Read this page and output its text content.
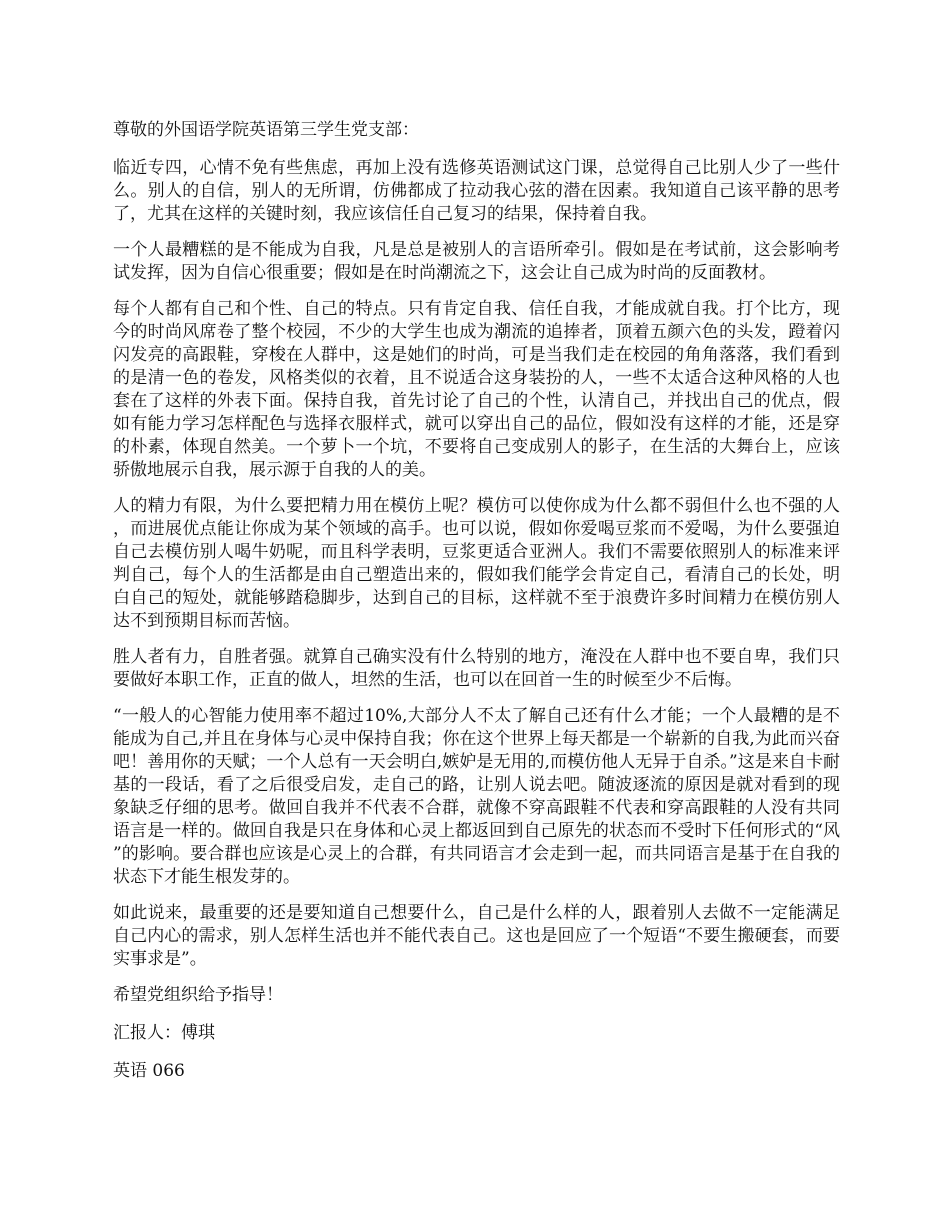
尊敬的外国语学院英语第三学生党支部：

临近专四，心情不免有些焦虑，再加上没有选修英语测试这门课，总觉得自己比别人少了一些什么。别人的自信，别人的无所谓，仿佛都成了拉动我心弦的潜在因素。我知道自己该平静的思考了，尤其在这样的关键时刻，我应该信任自己复习的结果，保持着自我。

一个人最糟糕的是不能成为自我，凡是总是被别人的言语所牵引。假如是在考试前，这会影响考试发挥，因为自信心很重要；假如是在时尚潮流之下，这会让自己成为时尚的反面教材。

每个人都有自己和个性、自己的特点。只有肯定自我、信任自我，才能成就自我。打个比方，现今的时尚风席卷了整个校园，不少的大学生也成为潮流的追捧者，顶着五颜六色的头发，蹬着闪闪发亮的高跟鞋，穿梭在人群中，这是她们的时尚，可是当我们走在校园的角角落落，我们看到的是清一色的卷发，风格类似的衣着，且不说适合这身装扮的人，一些不太适合这种风格的人也套在了这样的外表下面。保持自我，首先讨论了自己的个性，认清自己，并找出自己的优点，假如有能力学习怎样配色与选择衣服样式，就可以穿出自己的品位，假如没有这样的才能，还是穿的朴素，体现自然美。一个萝卜一个坑，不要将自己变成别人的影子，在生活的大舞台上，应该骄傲地展示自我，展示源于自我的人的美。

人的精力有限，为什么要把精力用在模仿上呢？模仿可以使你成为什么都不弱但什么也不强的人，而进展优点能让你成为某个领域的高手。也可以说，假如你爱喝豆浆而不爱喝，为什么要强迫自己去模仿别人喝牛奶呢，而且科学表明，豆浆更适合亚洲人。我们不需要依照别人的标准来评判自己，每个人的生活都是由自己塑造出来的，假如我们能学会肯定自己，看清自己的长处，明白自己的短处，就能够踏稳脚步，达到自己的目标，这样就不至于浪费许多时间精力在模仿别人达不到预期目标而苦恼。

胜人者有力，自胜者强。就算自己确实没有什么特别的地方，淹没在人群中也不要自卑，我们只要做好本职工作，正直的做人，坦然的生活，也可以在回首一生的时候至少不后悔。

“一般人的心智能力使用率不超过10%,大部分人不太了解自己还有什么才能；一个人最糟的是不能成为自己,并且在身体与心灵中保持自我；你在这个世界上每天都是一个崭新的自我,为此而兴奋吧！善用你的天赋；一个人总有一天会明白,嫉妒是无用的,而模仿他人无异于自杀。”这是来自卡耐基的一段话，看了之后很受启发，走自己的路，让别人说去吧。随波逐流的原因是就对看到的现象缺乏仔细的思考。做回自我并不代表不合群，就像不穿高跟鞋不代表和穿高跟鞋的人没有共同语言是一样的。做回自我是只在身体和心灵上都返回到自己原先的状态而不受时下任何形式的“风”的影响。要合群也应该是心灵上的合群，有共同语言才会走到一起，而共同语言是基于在自我的状态下才能生根发芽的。

如此说来，最重要的还是要知道自己想要什么，自己是什么样的人，跟着别人去做不一定能满足自己内心的需求，别人怎样生活也并不能代表自己。这也是回应了一个短语“不要生搬硬套，而要实事求是”。

希望党组织给予指导！

汇报人：傅琪

英语 066
